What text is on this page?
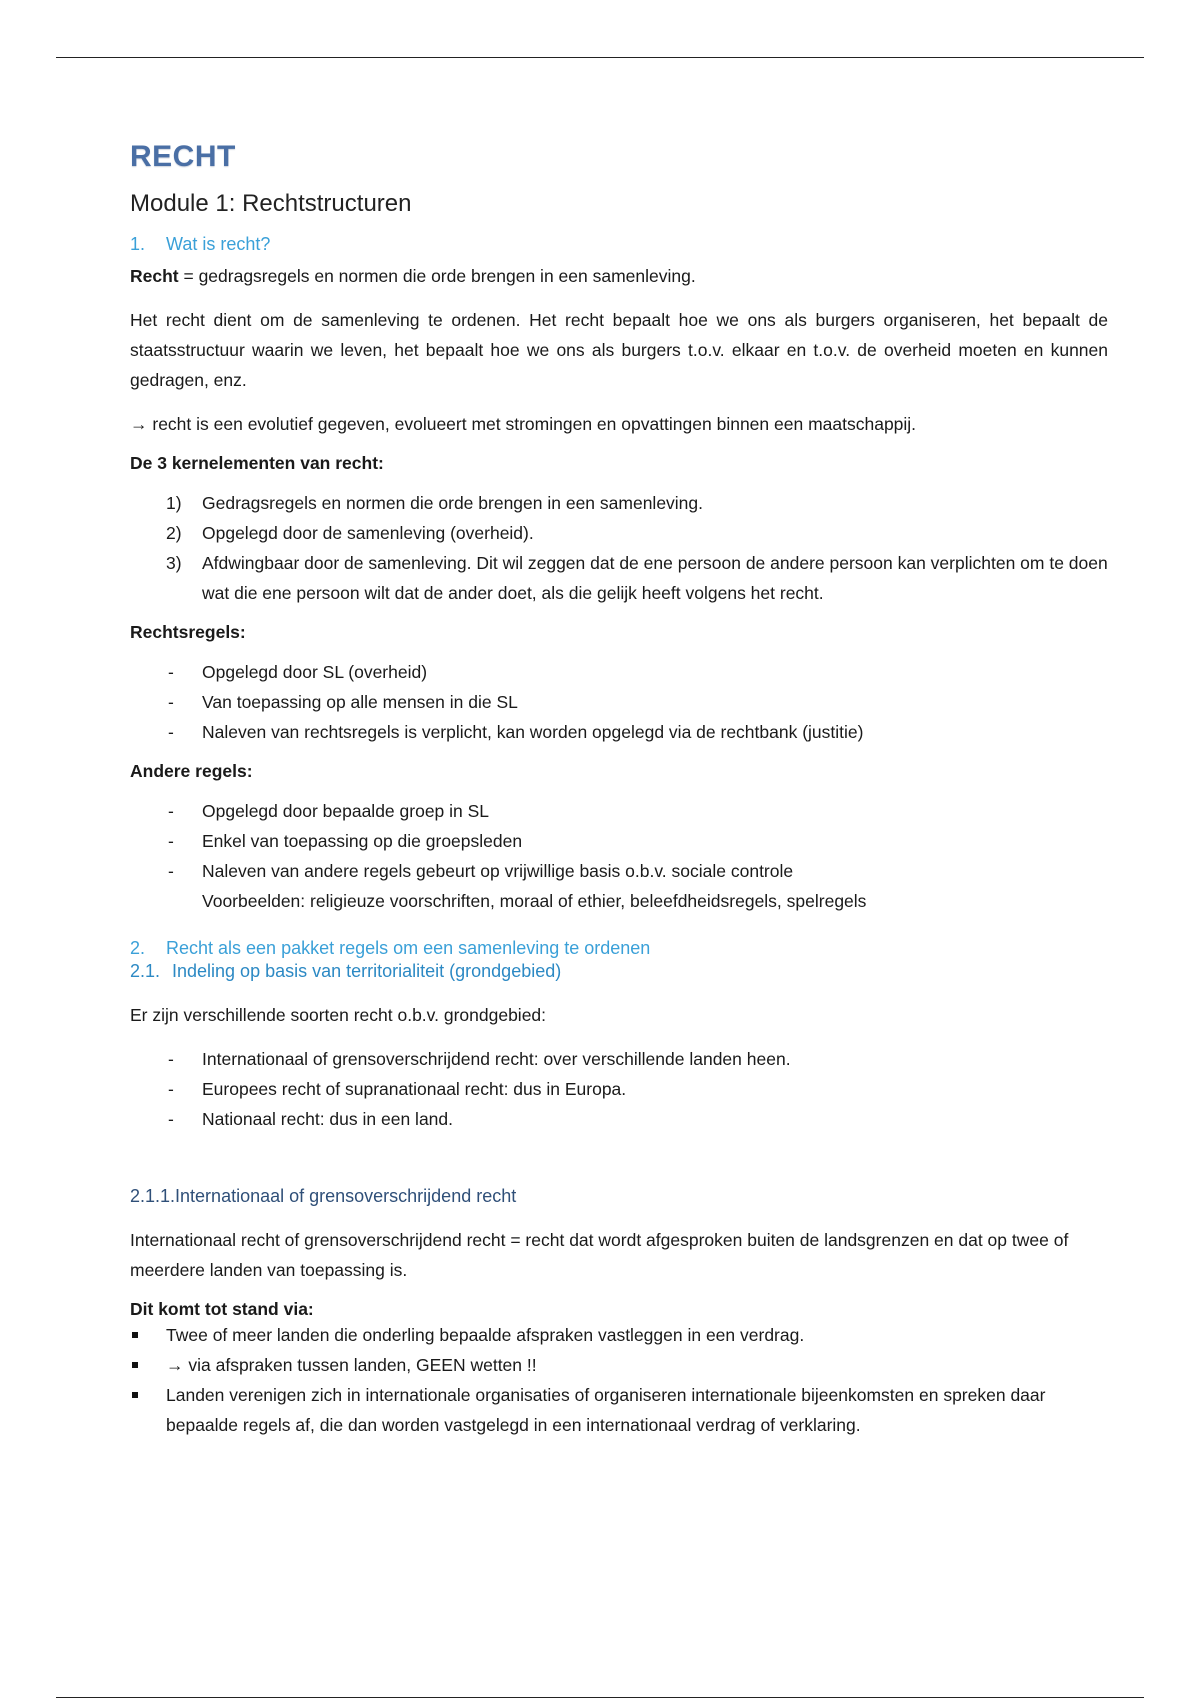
RECHT
Module 1: Rechtstructuren
1. Wat is recht?

Recht = gedragsregels en normen die orde brengen in een samenleving.

Het recht dient om de samenleving te ordenen. Het recht bepaalt hoe we ons als burgers organiseren, het bepaalt de staatsstructuur waarin we leven, het bepaalt hoe we ons als burgers t.o.v. elkaar en t.o.v. de overheid moeten en kunnen gedragen, enz.

→ recht is een evolutief gegeven, evolueert met stromingen en opvattingen binnen een maatschappij.

De 3 kernelementen van recht:
1) Gedragsregels en normen die orde brengen in een samenleving.
2) Opgelegd door de samenleving (overheid).
3) Afdwingbaar door de samenleving. Dit wil zeggen dat de ene persoon de andere persoon kan verplichten om te doen wat die ene persoon wilt dat de ander doet, als die gelijk heeft volgens het recht.
Rechtsregels:
- Opgelegd door SL (overheid)
- Van toepassing op alle mensen in die SL
- Naleven van rechtsregels is verplicht, kan worden opgelegd via de rechtbank (justitie)
Andere regels:
- Opgelegd door bepaalde groep in SL
- Enkel van toepassing op die groepsleden
- Naleven van andere regels gebeurt op vrijwillige basis o.b.v. sociale controle
Voorbeelden: religieuze voorschriften, moraal of ethier, beleefdheidsregels, spelregels
2. Recht als een pakket regels om een samenleving te ordenen
2.1. Indeling op basis van territorialiteit (grondgebied)

Er zijn verschillende soorten recht o.b.v. grondgebied:

- Internationaal of grensoverschrijdend recht: over verschillende landen heen.
- Europees recht of supranationaal recht: dus in Europa.
- Nationaal recht: dus in een land.
2.1.1.Internationaal of grensoverschrijdend recht

Internationaal recht of grensoverschrijdend recht = recht dat wordt afgesproken buiten de landsgrenzen en dat op twee of meerdere landen van toepassing is.

Dit komt tot stand via:
Twee of meer landen die onderling bepaalde afspraken vastleggen in een verdrag.
→ via afspraken tussen landen, GEEN wetten !!
Landen verenigen zich in internationale organisaties of organiseren internationale bijeenkomsten en spreken daar bepaalde regels af, die dan worden vastgelegd in een internationaal verdrag of verklaring.
